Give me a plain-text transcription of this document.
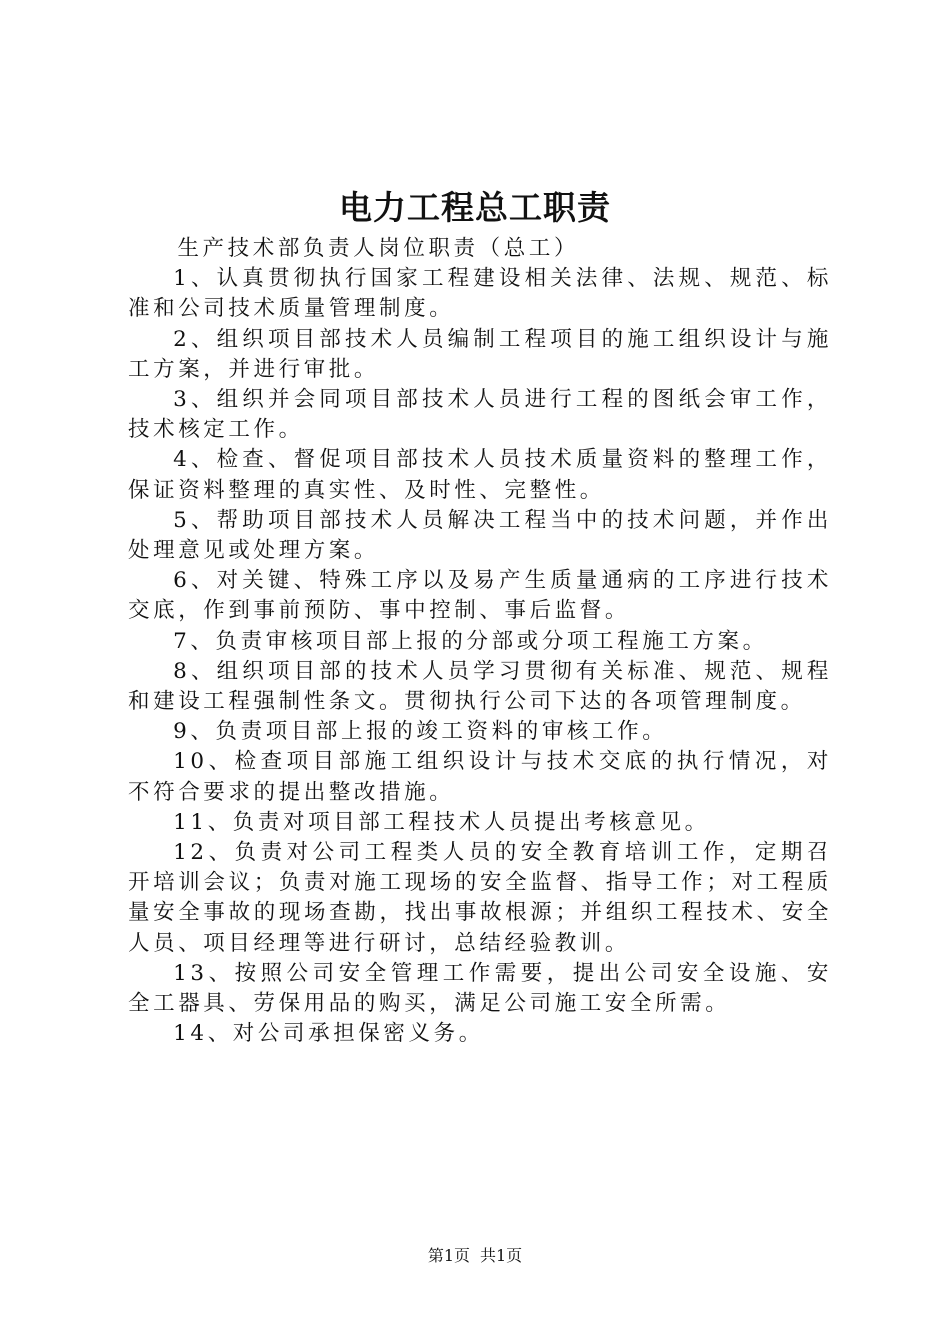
电力工程总工职责

生产技术部负责人岗位职责（总工）

1、认真贯彻执行国家工程建设相关法律、法规、规范、标准和公司技术质量管理制度。

2、组织项目部技术人员编制工程项目的施工组织设计与施工方案，并进行审批。

3、组织并会同项目部技术人员进行工程的图纸会审工作，技术核定工作。

4、检查、督促项目部技术人员技术质量资料的整理工作，保证资料整理的真实性、及时性、完整性。

5、帮助项目部技术人员解决工程当中的技术问题，并作出处理意见或处理方案。

6、对关键、特殊工序以及易产生质量通病的工序进行技术交底，作到事前预防、事中控制、事后监督。

7、负责审核项目部上报的分部或分项工程施工方案。

8、组织项目部的技术人员学习贯彻有关标准、规范、规程和建设工程强制性条文。贯彻执行公司下达的各项管理制度。

9、负责项目部上报的竣工资料的审核工作。

10、检查项目部施工组织设计与技术交底的执行情况，对不符合要求的提出整改措施。

11、负责对项目部工程技术人员提出考核意见。

12、负责对公司工程类人员的安全教育培训工作，定期召开培训会议；负责对施工现场的安全监督、指导工作；对工程质量安全事故的现场查勘，找出事故根源；并组织工程技术、安全人员、项目经理等进行研讨，总结经验教训。

13、按照公司安全管理工作需要，提出公司安全设施、安全工器具、劳保用品的购买，满足公司施工安全所需。

14、对公司承担保密义务。

第1页 共1页
